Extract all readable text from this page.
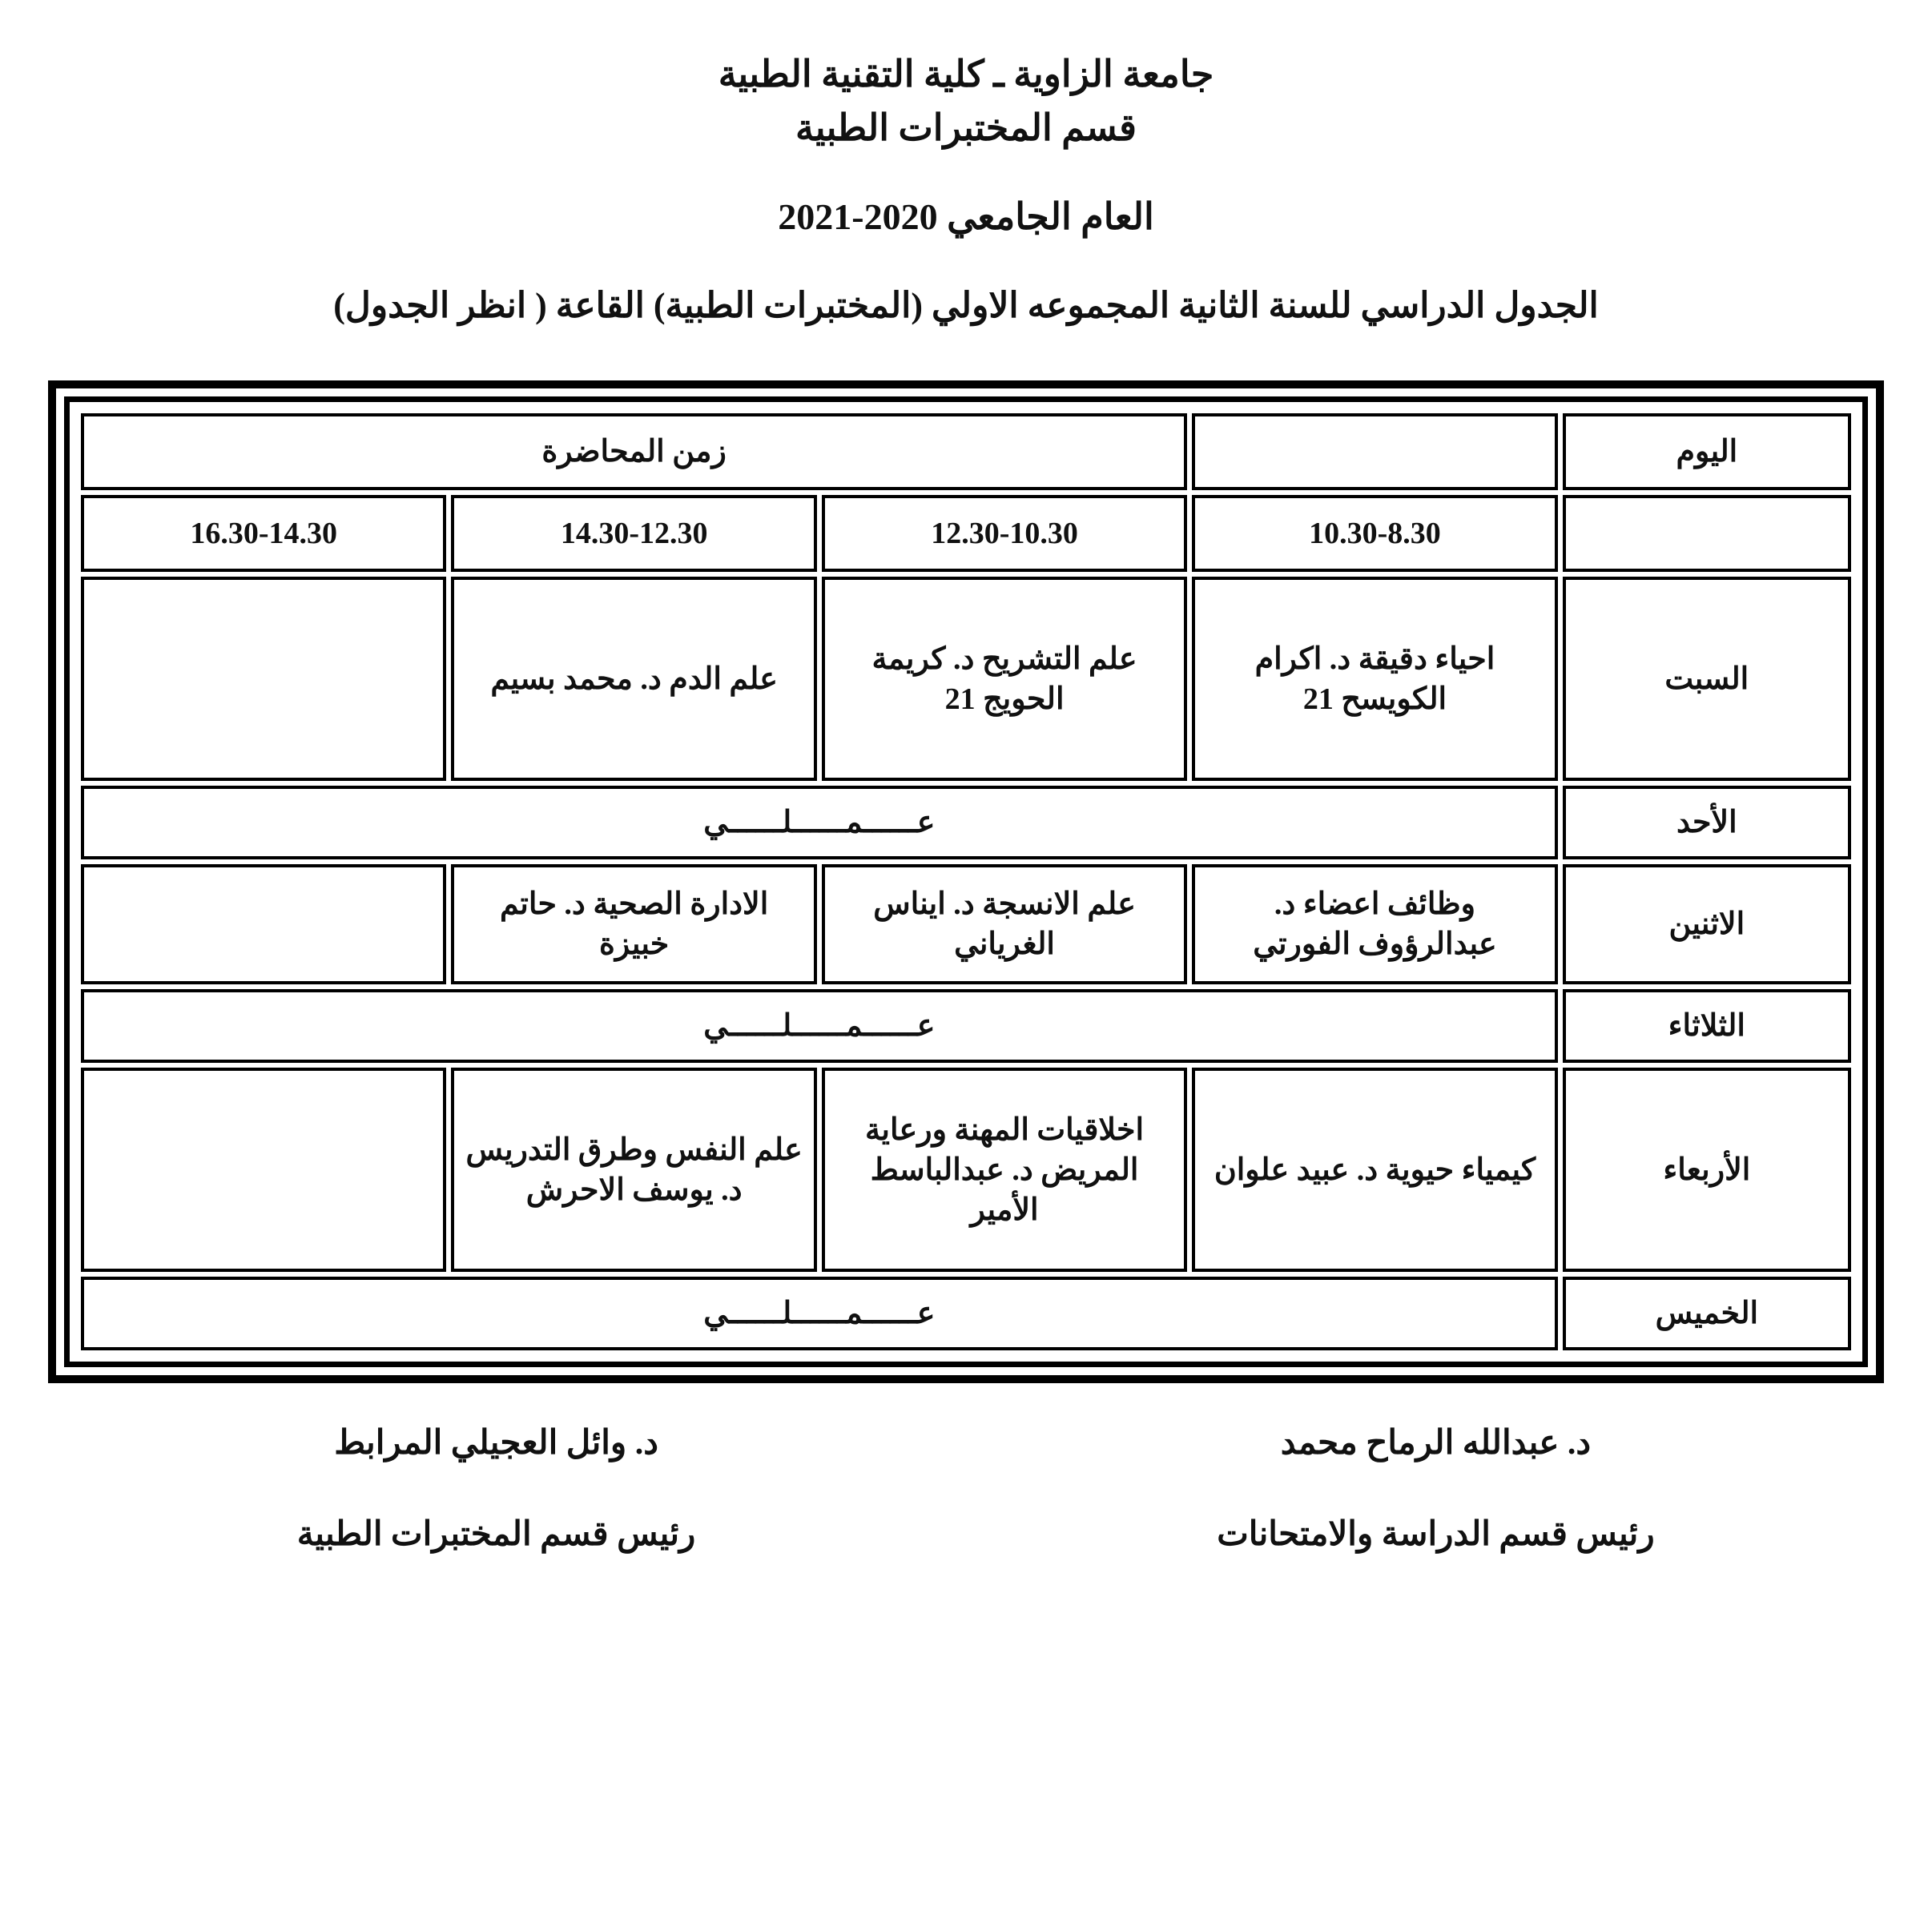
جامعة الزاوية ـ كلية التقنية الطبية
قسم المختبرات الطبية
العام الجامعي 2020-2021
الجدول الدراسي للسنة الثانية المجموعه الاولي (المختبرات الطبية) القاعة ( انظر الجدول)
اليوم		زمن المحاضرة		
	10.30-8.30	12.30-10.30	14.30-12.30	16.30-14.30
السبت	احياء دقيقة د. اكرام الكويسح 21	علم التشريح د. كريمة الحويج 21	علم الدم د. محمد بسيم	
الأحد	عــــــمــــــلــــــي			
الاثنين	وظائف اعضاء د. عبدالرؤوف الفورتي	علم الانسجة د. ايناس الغرياني	الادارة الصحية د. حاتم خبيزة	
الثلاثاء	عــــــمــــــلــــــي			
الأربعاء	كيمياء حيوية د. عبيد علوان	اخلاقيات المهنة ورعاية المريض د. عبدالباسط الأمير	علم النفس وطرق التدريس د. يوسف الاحرش	
الخميس	عــــــمــــــلــــــي			
د. عبدالله الرماح محمد
رئيس قسم الدراسة والامتحانات
د. وائل العجيلي المرابط
رئيس قسم المختبرات الطبية
